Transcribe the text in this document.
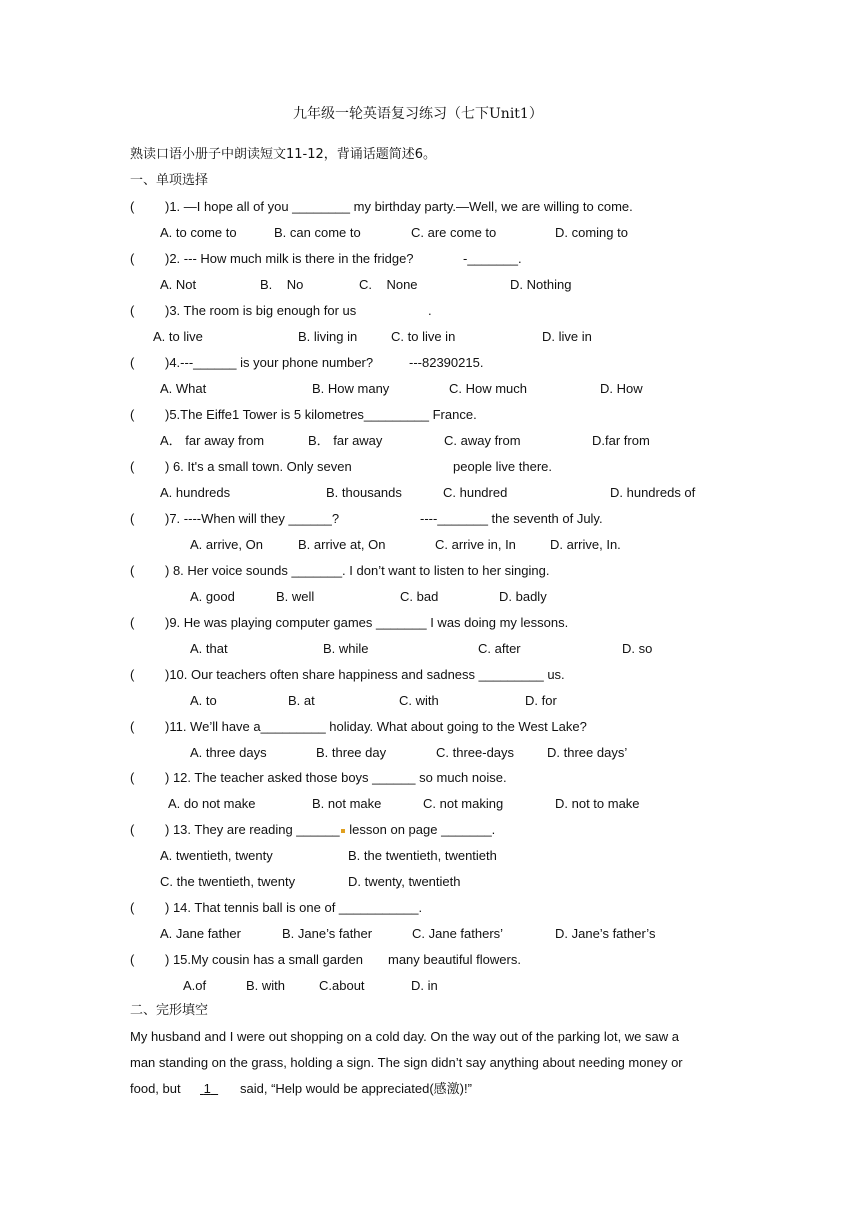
九年级一轮英语复习练习（七下Unit1）
熟读口语小册子中朗读短文11-12，背诵话题简述6。
一、单项选择
( )1. —I hope all of you ________ my birthday party.—Well, we are willing to come.
A. to come to	B. can come to	C. are come to	D. coming to
( )2. --- How much milk is there in the fridge?	-_______.
A. Not	B.    No	C.    None	D. Nothing
( )3. The room is big enough for us	.
A. to live	B. living in	C. to live in	D. live in
( )4.---______ is your phone number?	---82390215.
A. What	B. How many	C. How much	D. How
( )5.The Eiffe1 Tower is 5 kilometres_________ France.
A． far away from	B． far away	C. away from	D.far from
( ) 6. It's a small town. Only seven	people live there.
A. hundreds	B. thousands	C. hundred	D. hundreds of
( )7. ----When will they ______?	----_______ the seventh of July.
A. arrive, On	B. arrive at, On	C. arrive in, In	D. arrive, In.
( ) 8. Her voice sounds _______. I don’t want to listen to her singing.
A. good	B. well	C. bad	D. badly
( )9. He was playing computer games _______ I was doing my lessons.
A. that	B. while	C. after	D. so
( )10. Our teachers often share happiness and sadness _________ us.
A. to	B. at	C. with	D. for
( )11. We’ll have a_________ holiday. What about going to the West Lake?
A. three days	B. three day	C. three-days	D. three days’
( ) 12. The teacher asked those boys ______ so much noise.
A. do not make	B. not make	C. not making	D. not to make
( ) 13. They are reading ______ lesson on page _______.
A. twentieth, twenty	B. the twentieth, twentieth
C. the twentieth, twenty	D. twenty, twentieth
( ) 14. That tennis ball is one of ___________.
A. Jane father	B. Jane’s father	C. Jane fathers’	D. Jane’s father’s
( ) 15.My cousin has a small garden many beautiful flowers.
A.of	B. with	C.about	D. in
二、完形填空
My husband and I were out shopping on a cold day. On the way out of the parking lot, we saw a
man standing on the grass, holding a sign. The sign didn’t say anything about needing money or
food, but 1	said, “Help would be appreciated(感激)!”
